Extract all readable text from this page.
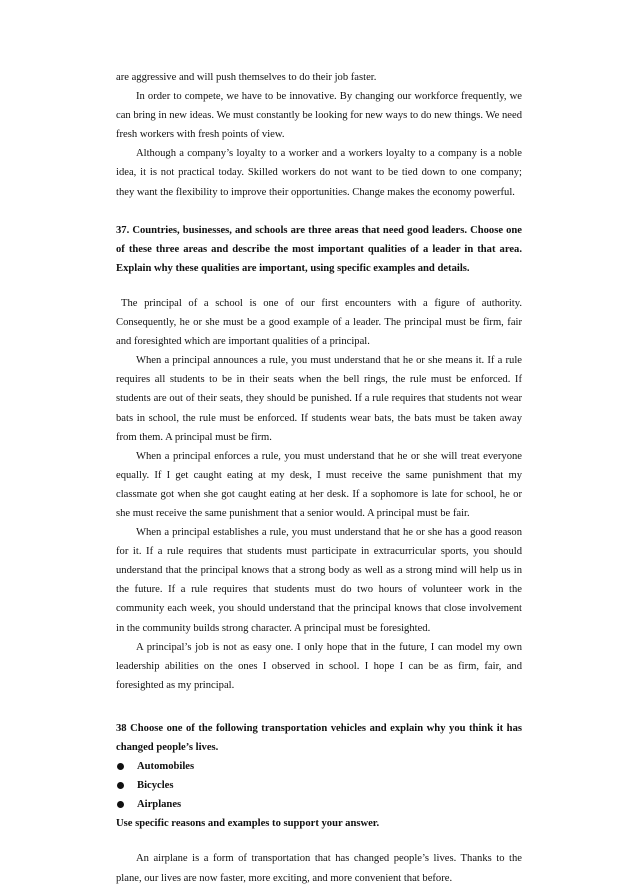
are aggressive and will push themselves to do their job faster.

In order to compete, we have to be innovative. By changing our workforce frequently, we can bring in new ideas. We must constantly be looking for new ways to do new things. We need fresh workers with fresh points of view.

Although a company’s loyalty to a worker and a workers loyalty to a company is a noble idea, it is not practical today. Skilled workers do not want to be tied down to one company; they want the flexibility to improve their opportunities. Change makes the economy powerful.

37. Countries, businesses, and schools are three areas that need good leaders. Choose one of these three areas and describe the most important qualities of a leader in that area. Explain why these qualities are important, using specific examples and details.

The principal of a school is one of our first encounters with a figure of authority. Consequently, he or she must be a good example of a leader. The principal must be firm, fair and foresighted which are important qualities of a principal.

When a principal announces a rule, you must understand that he or she means it. If a rule requires all students to be in their seats when the bell rings, the rule must be enforced. If students are out of their seats, they should be punished. If a rule requires that students not wear bats in school, the rule must be enforced. If students wear bats, the bats must be taken away from them. A principal must be firm.

When a principal enforces a rule, you must understand that he or she will treat everyone equally. If I get caught eating at my desk, I must receive the same punishment that my classmate got when she got caught eating at her desk. If a sophomore is late for school, he or she must receive the same punishment that a senior would. A principal must be fair.

When a principal establishes a rule, you must understand that he or she has a good reason for it. If a rule requires that students must participate in extracurricular sports, you should understand that the principal knows that a strong body as well as a strong mind will help us in the future. If a rule requires that students must do two hours of volunteer work in the community each week, you should understand that the principal knows that close involvement in the community builds strong character. A principal must be foresighted.

A principal’s job is not as easy one. I only hope that in the future, I can model my own leadership abilities on the ones I observed in school. I hope I can be as firm, fair, and foresighted as my principal.

38 Choose one of the following transportation vehicles and explain why you think it has changed people’s lives.

Automobiles
Bicycles
Airplanes

Use specific reasons and examples to support your answer.

An airplane is a form of transportation that has changed people’s lives. Thanks to the plane, our lives are now faster, more exciting, and more convenient that before.
